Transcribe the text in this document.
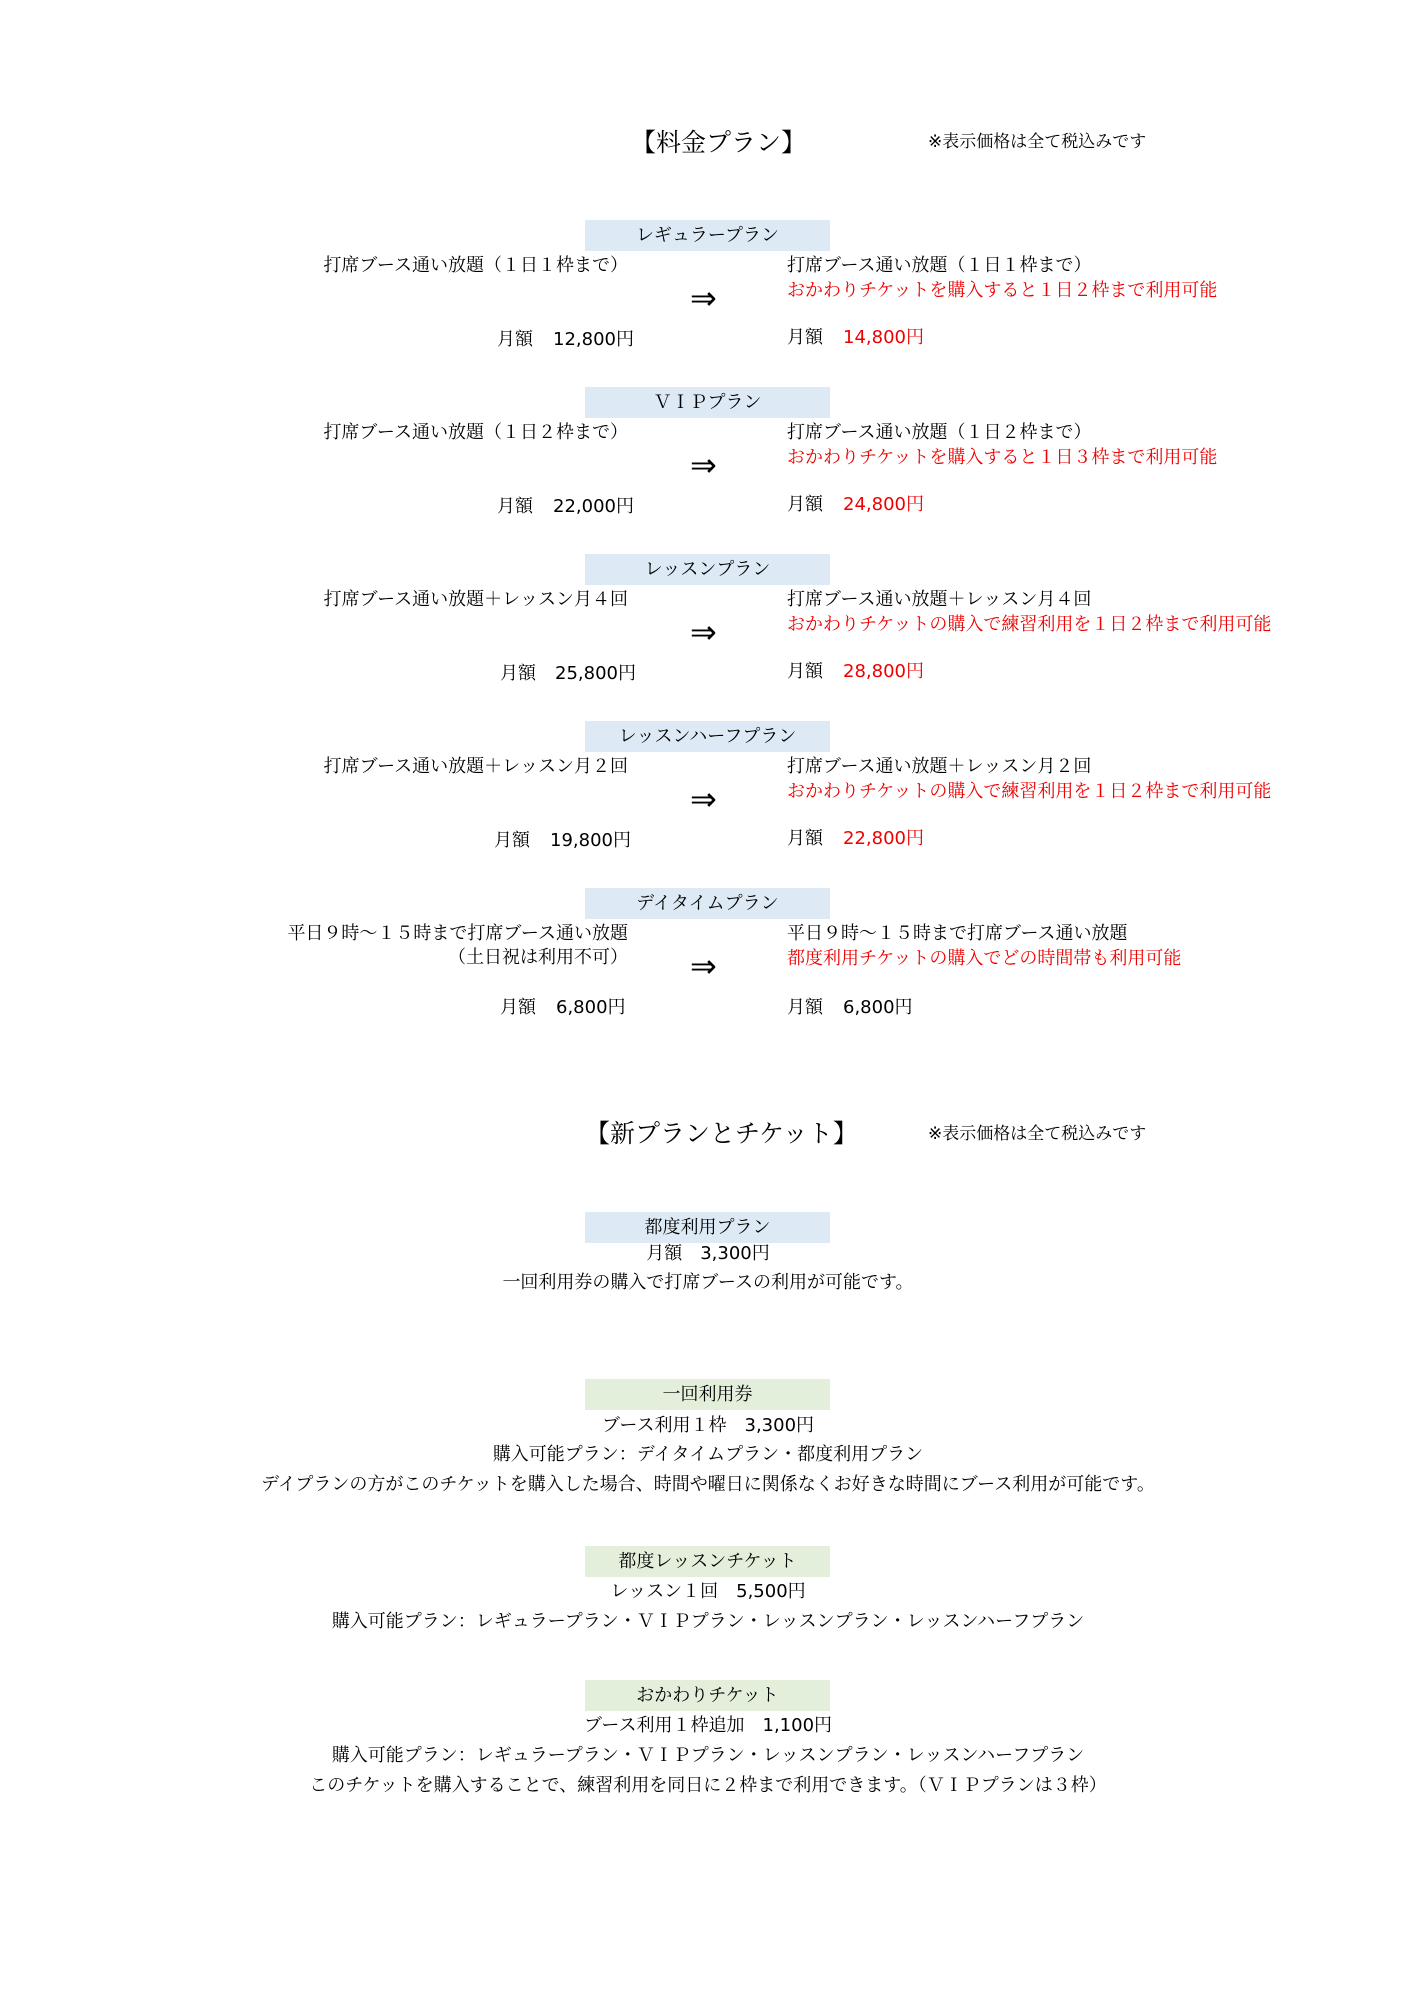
【料金プラン】	※表示価格は全て税込みです
レギュラープラン
打席ブース通い放題（１日１枠まで）
⇒
打席ブース通い放題（１日１枠まで）
おかわりチケットを購入すると１日２枠まで利用可能
月額 12,800円	月額 14,800円
ＶＩＰプラン
打席ブース通い放題（１日２枠まで）
⇒
打席ブース通い放題（１日２枠まで）
おかわりチケットを購入すると１日３枠まで利用可能
月額 22,000円	月額 24,800円
レッスンプラン
打席ブース通い放題＋レッスン月４回
⇒
打席ブース通い放題＋レッスン月４回
おかわりチケットの購入で練習利用を１日２枠まで利用可能
月額 25,800円	月額 28,800円
レッスンハーフプラン
打席ブース通い放題＋レッスン月２回
⇒
打席ブース通い放題＋レッスン月２回
おかわりチケットの購入で練習利用を１日２枠まで利用可能
月額 19,800円	月額 22,800円
デイタイムプラン
平日９時～１５時まで打席ブース通い放題
（土日祝は利用不可） ⇒
平日９時～１５時まで打席ブース通い放題
都度利用チケットの購入でどの時間帯も利用可能
月額 6,800円	月額 6,800円
【新プランとチケット】	※表示価格は全て税込みです
都度利用プラン
月額　3,300円
一回利用券の購入で打席ブースの利用が可能です。
一回利用券
ブース利用１枠　3,300円
購入可能プラン：デイタイムプラン・都度利用プラン
デイプランの方がこのチケットを購入した場合、時間や曜日に関係なくお好きな時間にブース利用が可能です。
都度レッスンチケット
レッスン１回　5,500円
購入可能プラン：レギュラープラン・ＶＩＰプラン・レッスンプラン・レッスンハーフプラン
おかわりチケット
ブース利用１枠追加　1,100円
購入可能プラン：レギュラープラン・ＶＩＰプラン・レッスンプラン・レッスンハーフプラン
このチケットを購入することで、練習利用を同日に２枠まで利用できます。（ＶＩＰプランは３枠）
